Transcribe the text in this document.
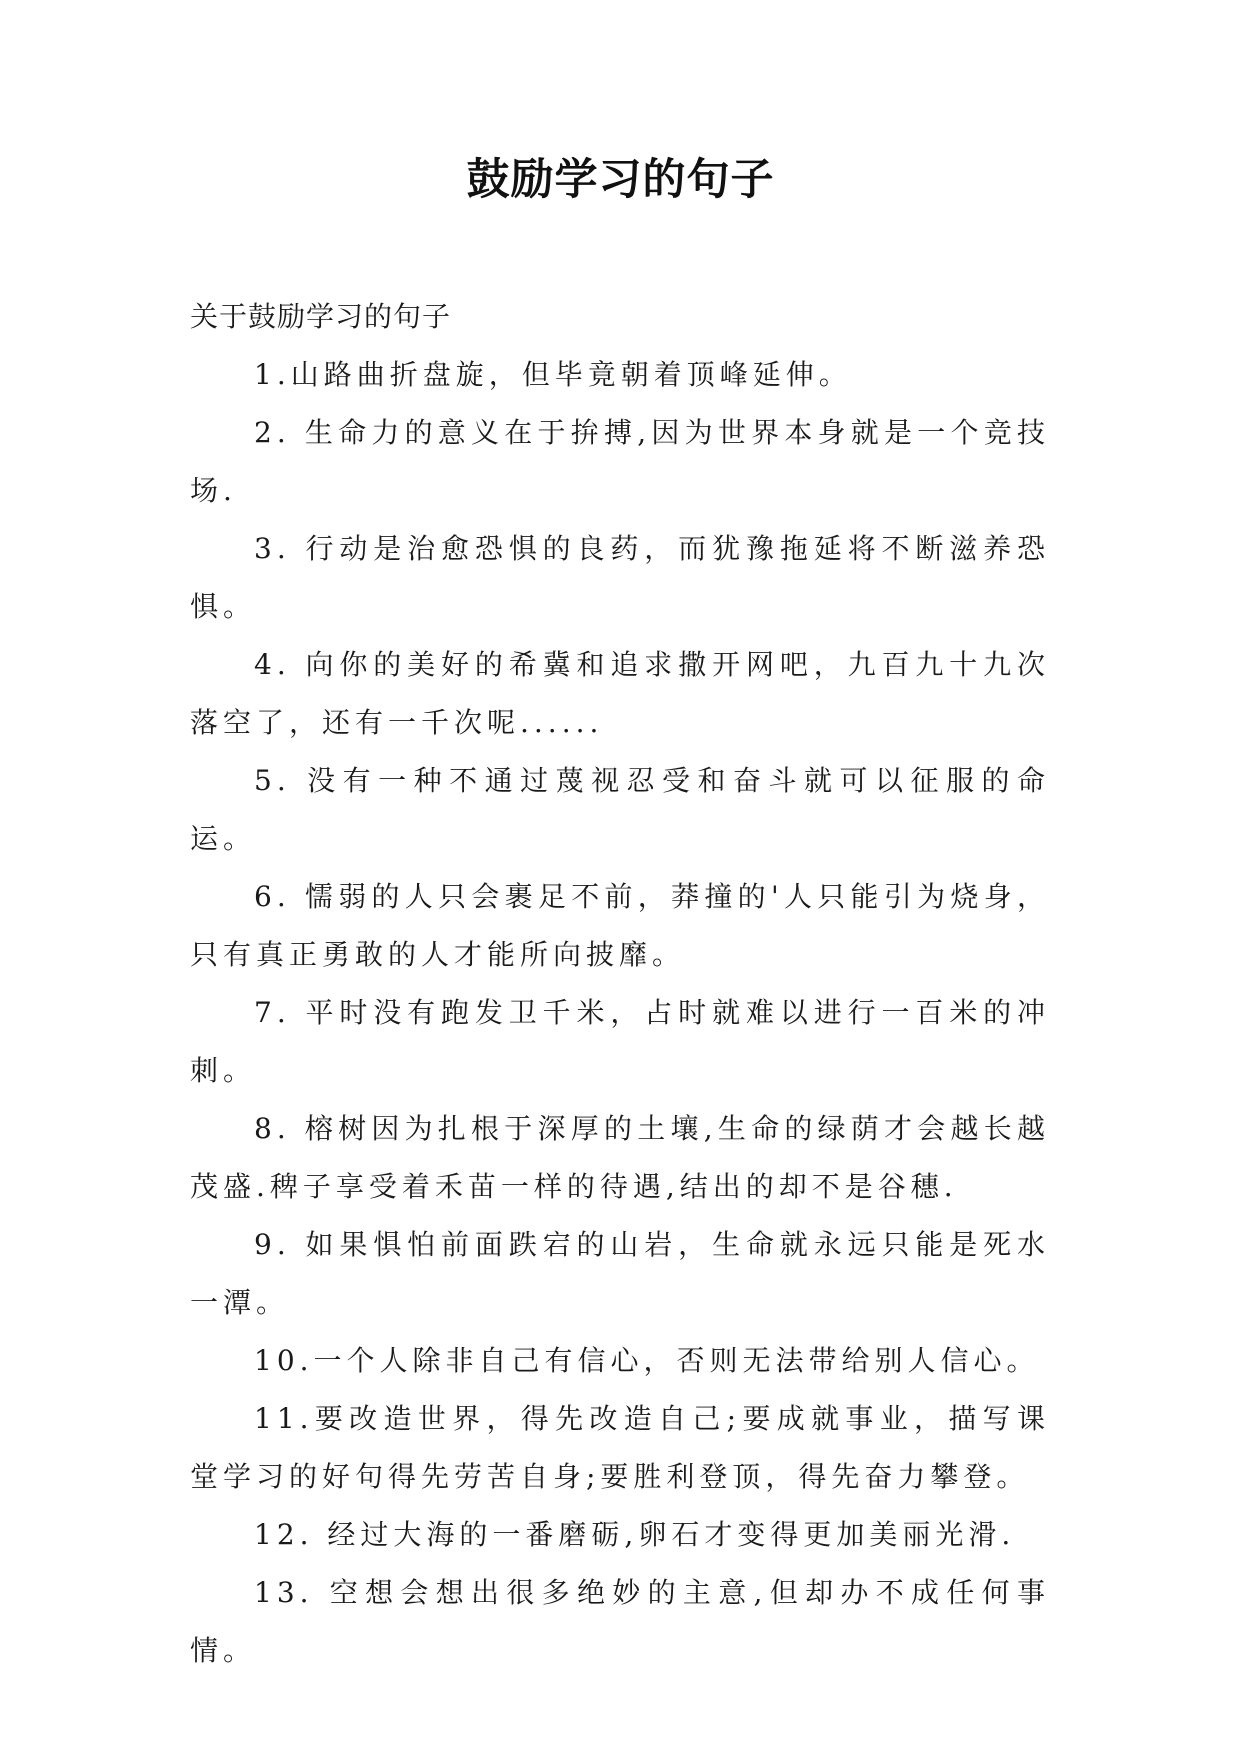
鼓励学习的句子

关于鼓励学习的句子

1.山路曲折盘旋，但毕竟朝着顶峰延伸。

2. 生命力的意义在于拚搏,因为世界本身就是一个竞技场.

3. 行动是治愈恐惧的良药，而犹豫拖延将不断滋养恐惧。

4. 向你的美好的希冀和追求撒开网吧，九百九十九次落空了，还有一千次呢......

5. 没有一种不通过蔑视忍受和奋斗就可以征服的命运。

6. 懦弱的人只会裹足不前，莽撞的'人只能引为烧身，只有真正勇敢的人才能所向披靡。

7. 平时没有跑发卫千米，占时就难以进行一百米的冲刺。

8. 榕树因为扎根于深厚的土壤,生命的绿荫才会越长越茂盛.稗子享受着禾苗一样的待遇,结出的却不是谷穗.

9. 如果惧怕前面跌宕的山岩，生命就永远只能是死水一潭。

10.一个人除非自己有信心，否则无法带给别人信心。

11.要改造世界，得先改造自己;要成就事业，描写课堂学习的好句得先劳苦自身;要胜利登顶，得先奋力攀登。

12. 经过大海的一番磨砺,卵石才变得更加美丽光滑.

13. 空想会想出很多绝妙的主意,但却办不成任何事情。
